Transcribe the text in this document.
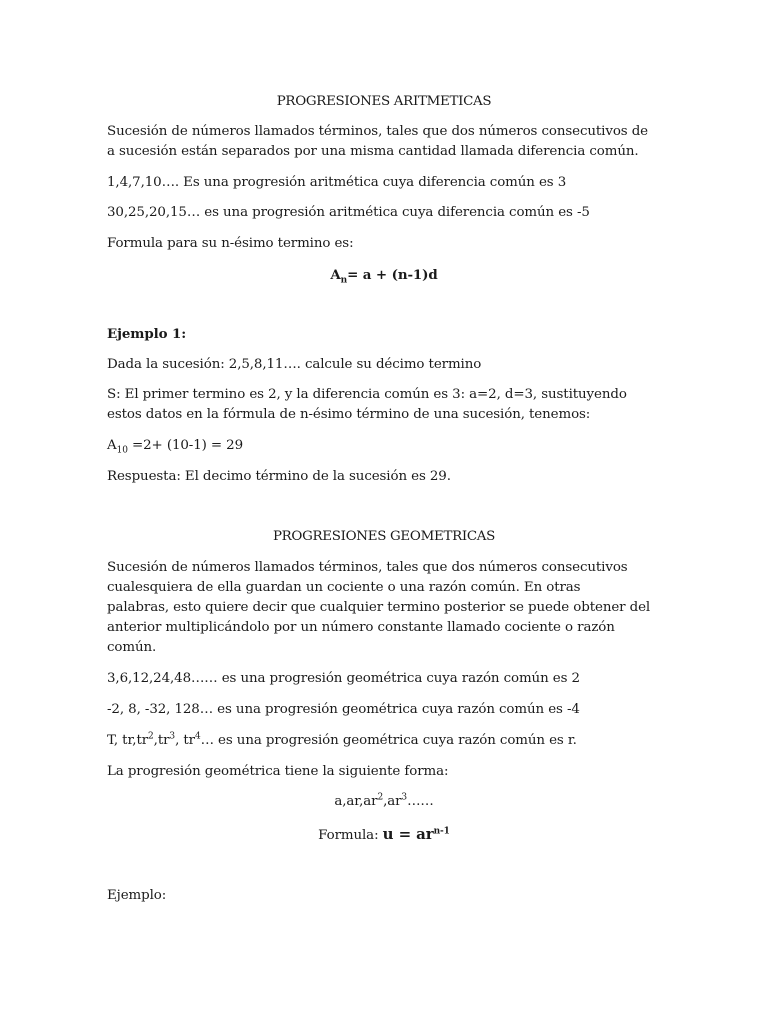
PROGRESIONES ARITMETICAS
Sucesión de números llamados términos, tales que dos números consecutivos de
a sucesión están separados por una misma cantidad llamada diferencia común.
1,4,7,10…. Es una progresión aritmética cuya diferencia común es 3
30,25,20,15… es una progresión aritmética cuya diferencia común es -5
Formula para su n-ésimo termino es:
$A_n= a + (n-1)d$
Ejemplo 1:
Dada la sucesión: 2,5,8,11…. calcule su décimo termino
S: El primer termino es 2, y la diferencia común es 3: a=2, d=3, sustituyendo
estos datos en la fórmula de n-ésimo término de una sucesión, tenemos:
$A_{10} =2+ (10-1) = 29$
Respuesta: El decimo término de la sucesión es 29.
PROGRESIONES GEOMETRICAS
Sucesión de números llamados términos, tales que dos números consecutivos
cualesquiera de ella guardan un cociente o una razón común. En otras
palabras, esto quiere decir que cualquier termino posterior se puede obtener del
anterior multiplicándolo por un número constante llamado cociente o razón
común.
3,6,12,24,48…… es una progresión geométrica cuya razón común es 2
-2, 8, -32, 128… es una progresión geométrica cuya razón común es -4
T, $tr,tr^2,tr^3$, $tr^4\dots$ es una progresión geométrica cuya razón común es r.
La progresión geométrica tiene la siguiente forma:
$a,ar,ar^2,ar^3\dots\dots$
Formula: $u = ar^{n-1}$
Ejemplo:
